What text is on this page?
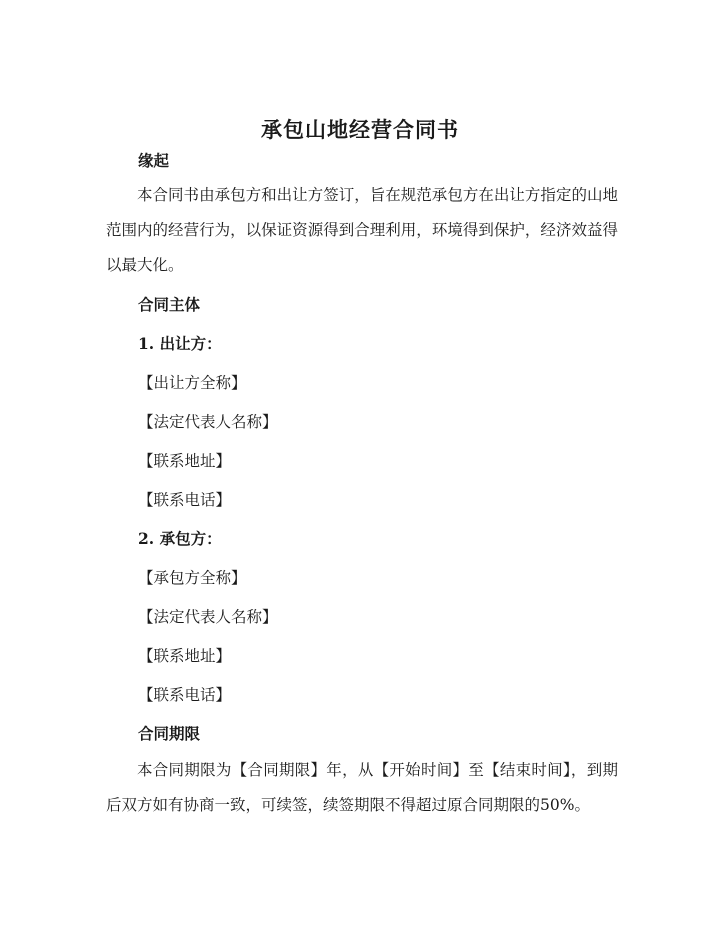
承包山地经营合同书
缘起
本合同书由承包方和出让方签订，旨在规范承包方在出让方指定的山地范围内的经营行为，以保证资源得到合理利用，环境得到保护，经济效益得以最大化。
合同主体
1. 出让方：
【出让方全称】
【法定代表人名称】
【联系地址】
【联系电话】
2. 承包方：
【承包方全称】
【法定代表人名称】
【联系地址】
【联系电话】
合同期限
本合同期限为【合同期限】年，从【开始时间】至【结束时间】，到期后双方如有协商一致，可续签，续签期限不得超过原合同期限的50%。
